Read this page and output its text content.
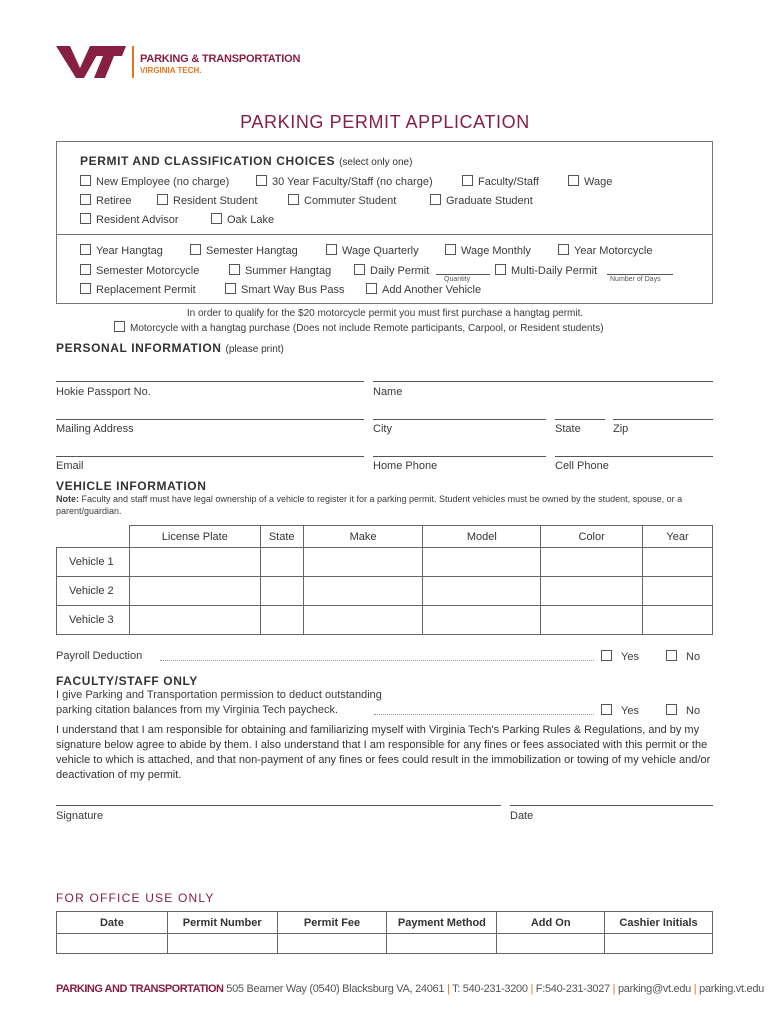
PARKING & TRANSPORTATION
VIRGINIA TECH.
PARKING PERMIT APPLICATION
PERMIT AND CLASSIFICATION CHOICES (select only one)
New Employee (no charge)	30 Year Faculty/Staff (no charge)	Faculty/Staff	Wage
Retiree	Resident Student	Commuter Student	Graduate Student
Resident Advisor	Oak Lake
Year Hangtag	Semester Hangtag	Wage Quarterly	Wage Monthly	Year Motorcycle
Semester Motorcycle	Summer Hangtag	Daily Permit
Quantity
Multi-Daily Permit
Number of Days
Replacement Permit	Smart Way Bus Pass	Add Another Vehicle
In order to qualify for the $20 motorcycle permit you must first purchase a hangtag permit.
Motorcycle with a hangtag purchase (Does not include Remote participants, Carpool, or Resident students)
PERSONAL INFORMATION (please print)
Hokie Passport No.	Name
Mailing Address	City	State	Zip
Email	Home Phone	Cell Phone
VEHICLE INFORMATION
Note: Faculty and staff must have legal ownership of a vehicle to register it for a parking permit. Student vehicles must be owned by the student, spouse, or a parent/guardian.
	License Plate	State	Make	Model	Color	Year
Vehicle 1						
Vehicle 2						
Vehicle 3						
Payroll Deduction	Yes	No
FACULTY/STAFF ONLY
I give Parking and Transportation permission to deduct outstanding
parking citation balances from my Virginia Tech paycheck.	Yes	No
I understand that I am responsible for obtaining and familiarizing myself with Virginia Tech's Parking Rules & Regulations, and by my signature below agree to abide by them. I also understand that I am responsible for any fines or fees associated with this permit or the vehicle to which is attached, and that non-payment of any fines or fees could result in the immobilization or towing of my vehicle and/or deactivation of my permit.
Signature	Date
FOR OFFICE USE ONLY
Date	Permit Number	Permit Fee	Payment Method	Add On	Cashier Initials

PARKING AND TRANSPORTATION 505 Beamer Way (0540) Blacksburg VA, 24061 | T: 540-231-3200 | F:540-231-3027 | parking@vt.edu | parking.vt.edu
